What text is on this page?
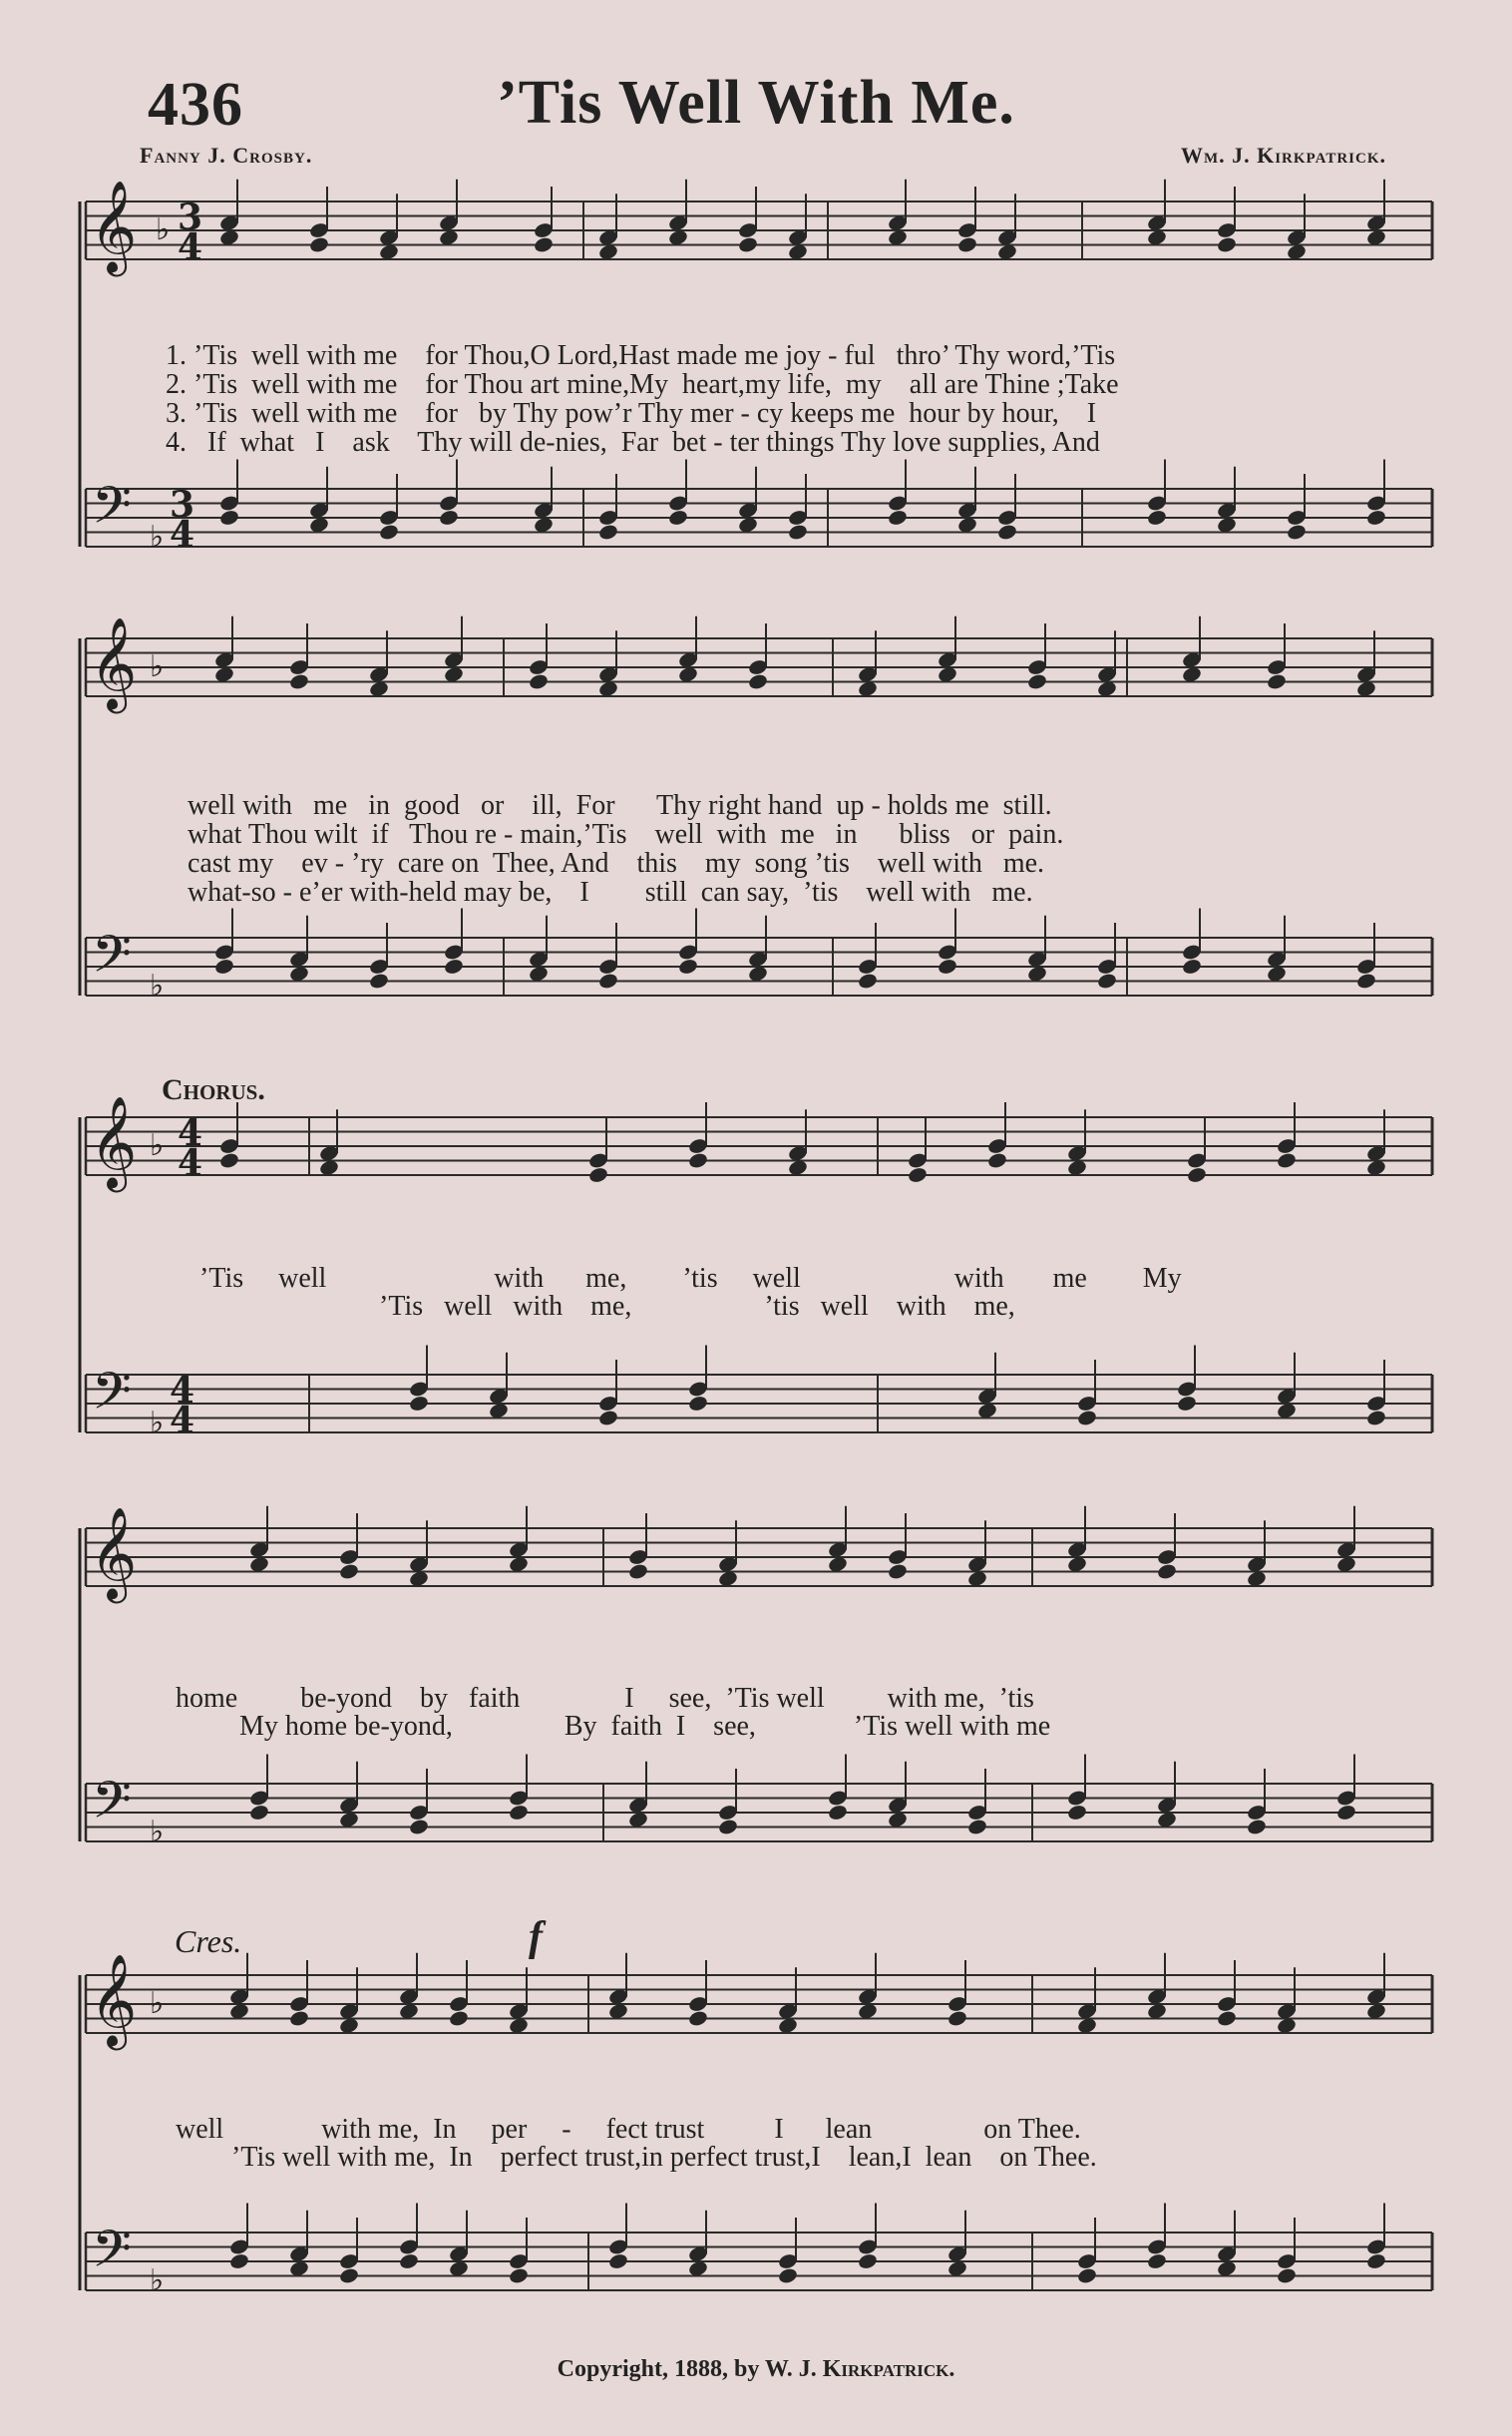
𝄞 ♭
𝄢 ♭
𝄞 ♭
𝄢 ♭
𝄞 ♭
𝄢 ♭
𝄞
𝄢 ♭
𝄞 ♭
𝄢 ♭
3
4
3
4
4
4
4
4
436	’Tis Well With Me.
Fanny J. Crosby.	Wm. J. Kirkpatrick.
1. ’Tis  well with me    for Thou,O Lord,Hast made me joy - ful   thro’ Thy word,’Tis
2. ’Tis  well with me    for Thou art mine,My  heart,my life,  my    all are Thine ;Take
3. ’Tis  well with me    for   by Thy pow’r Thy mer - cy keeps me  hour by hour,    I
4.   If  what   I    ask    Thy will de-nies,  Far  bet - ter things Thy love supplies, And
well with   me   in  good   or    ill,  For      Thy right hand  up - holds me  still.
what Thou wilt  if   Thou re - main,’Tis    well  with  me   in      bliss   or  pain.
cast my    ev - ’ry  care on  Thee, And    this    my  song ’tis    well with   me.
what-so - e’er with-held may be,    I        still  can say,  ’tis    well with   me.
Chorus.
’Tis     well                        with      me,        ’tis     well                      with       me        My
’Tis   well   with    me,                   ’tis   well    with    me,
home         be-yond    by   faith               I     see,  ’Tis well         with me,  ’tis
My home be-yond,                By  faith  I    see,              ’Tis well with me
Cres.	f
well              with me,  In     per     -     fect trust          I      lean                on Thee.
’Tis well with me,  In    perfect trust,in perfect trust,I    lean,I  lean    on Thee.
Copyright, 1888, by W. J. Kirkpatrick.
